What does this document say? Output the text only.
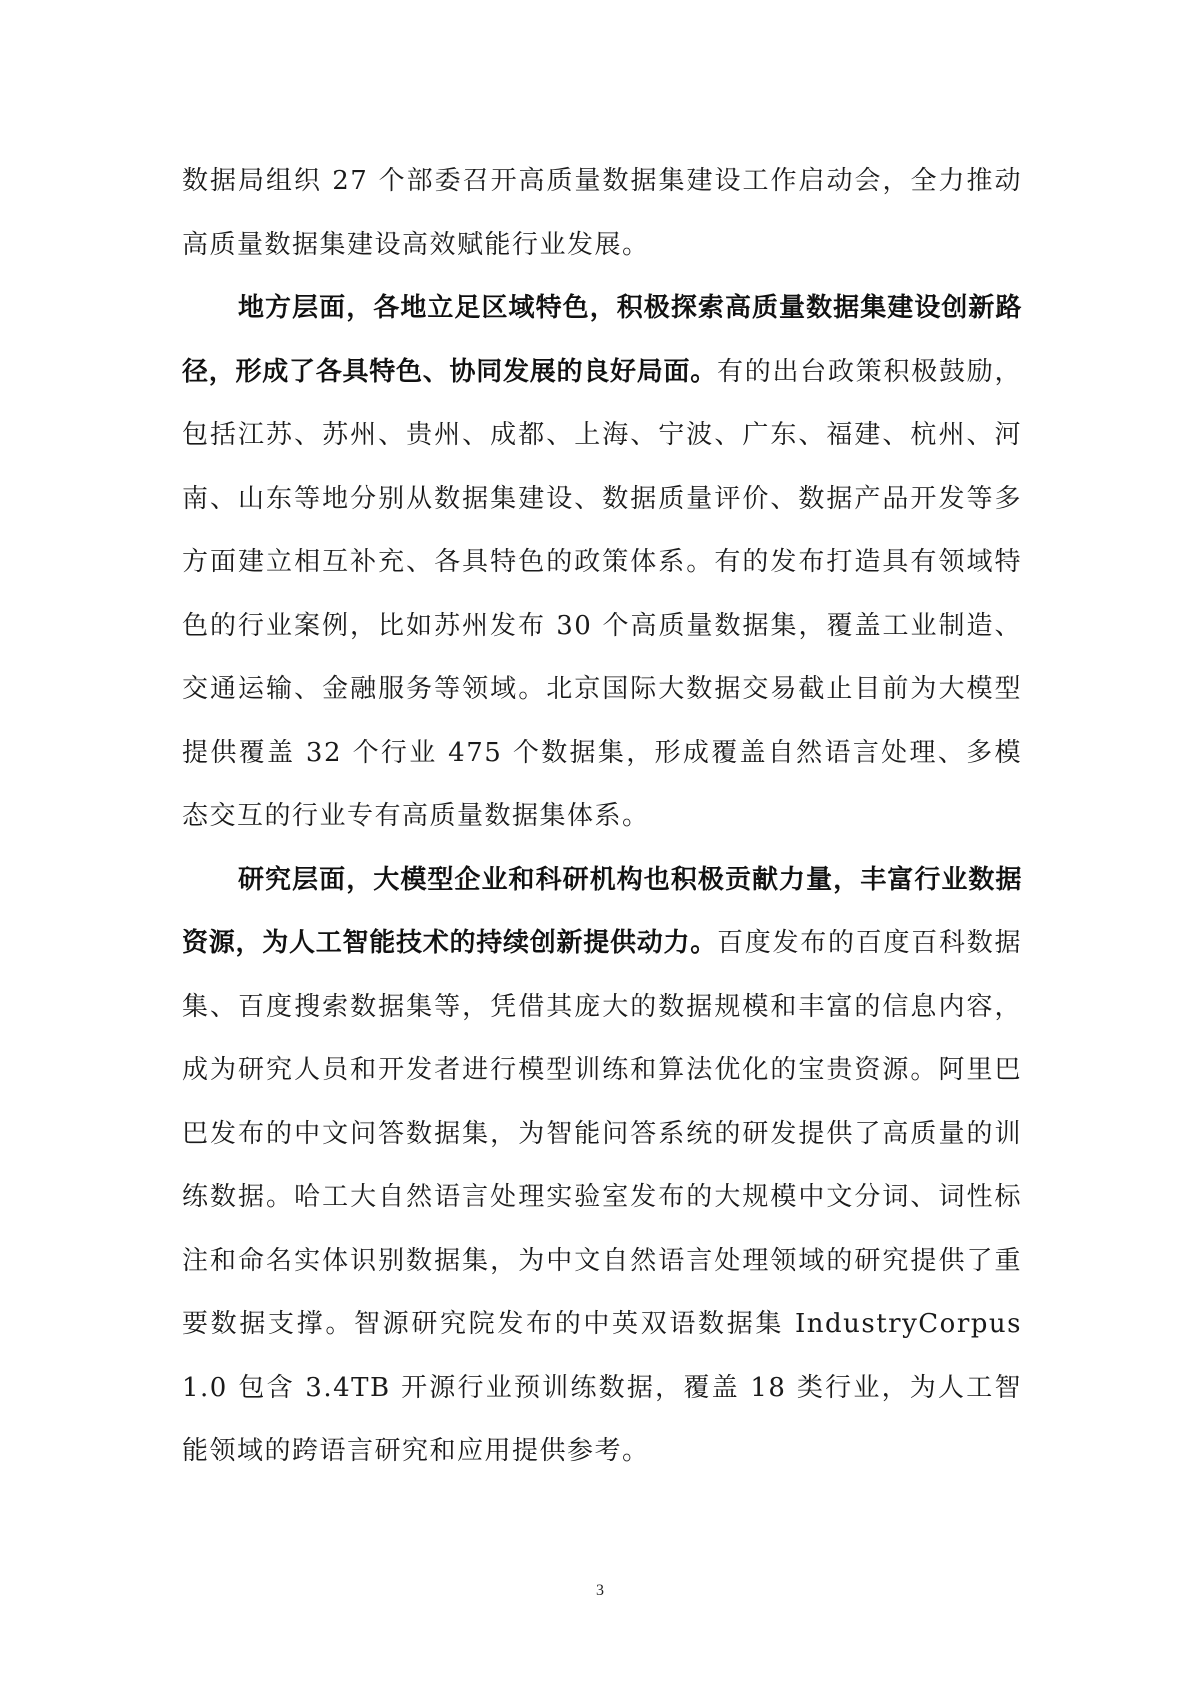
数据局组织 27 个部委召开高质量数据集建设工作启动会，全力推动高质量数据集建设高效赋能行业发展。

地方层面，各地立足区域特色，积极探索高质量数据集建设创新路径，形成了各具特色、协同发展的良好局面。有的出台政策积极鼓励，包括江苏、苏州、贵州、成都、上海、宁波、广东、福建、杭州、河南、山东等地分别从数据集建设、数据质量评价、数据产品开发等多方面建立相互补充、各具特色的政策体系。有的发布打造具有领域特色的行业案例，比如苏州发布 30 个高质量数据集，覆盖工业制造、交通运输、金融服务等领域。北京国际大数据交易截止目前为大模型提供覆盖 32 个行业 475 个数据集，形成覆盖自然语言处理、多模态交互的行业专有高质量数据集体系。

研究层面，大模型企业和科研机构也积极贡献力量，丰富行业数据资源，为人工智能技术的持续创新提供动力。百度发布的百度百科数据集、百度搜索数据集等，凭借其庞大的数据规模和丰富的信息内容，成为研究人员和开发者进行模型训练和算法优化的宝贵资源。阿里巴巴发布的中文问答数据集，为智能问答系统的研发提供了高质量的训练数据。哈工大自然语言处理实验室发布的大规模中文分词、词性标注和命名实体识别数据集，为中文自然语言处理领域的研究提供了重要数据支撑。智源研究院发布的中英双语数据集 IndustryCorpus1.0 包含 3.4TB 开源行业预训练数据，覆盖 18 类行业，为人工智能领域的跨语言研究和应用提供参考。

3
